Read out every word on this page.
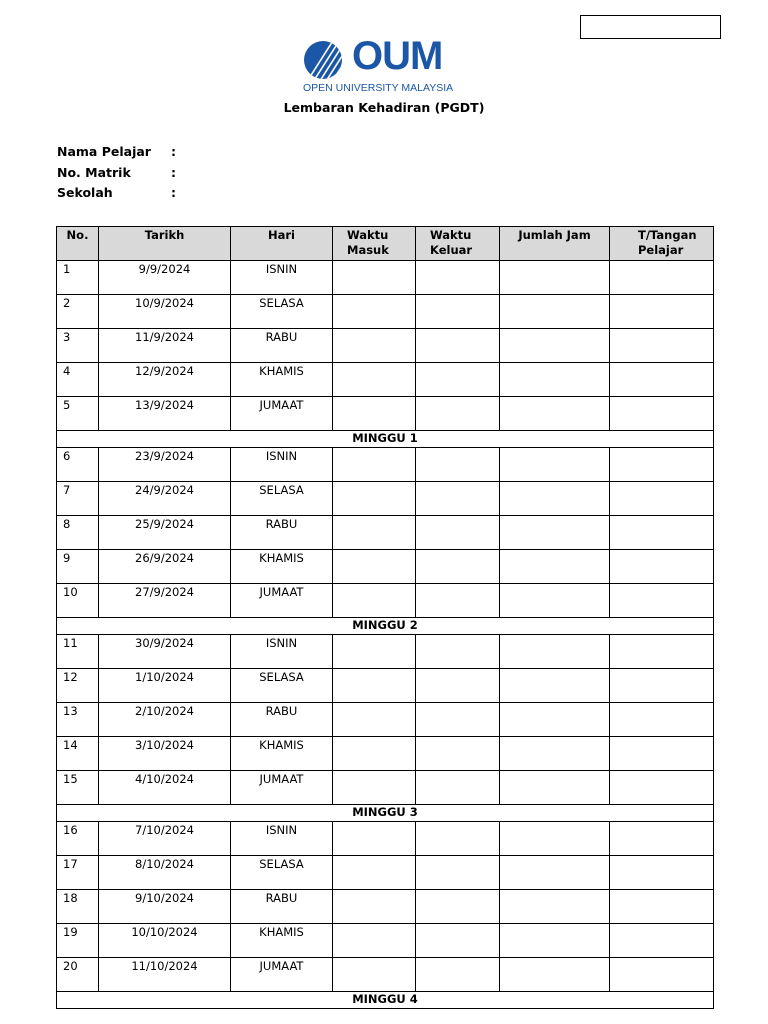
OUM
OPEN UNIVERSITY MALAYSIA
Lembaran Kehadiran (PGDT)
Nama Pelajar :
No. Matrik	:
Sekolah	:
No.	Tarikh	Hari	Waktu Masuk	Waktu Keluar	Jumlah Jam	T/Tangan Pelajar
1	9/9/2024	ISNIN				
2	10/9/2024	SELASA				
3	11/9/2024	RABU				
4	12/9/2024	KHAMIS				
5	13/9/2024	JUMAAT				
MINGGU 1						
6	23/9/2024	ISNIN				
7	24/9/2024	SELASA				
8	25/9/2024	RABU				
9	26/9/2024	KHAMIS				
10	27/9/2024	JUMAAT				
MINGGU 2						
11	30/9/2024	ISNIN				
12	1/10/2024	SELASA				
13	2/10/2024	RABU				
14	3/10/2024	KHAMIS				
15	4/10/2024	JUMAAT				
MINGGU 3						
16	7/10/2024	ISNIN				
17	8/10/2024	SELASA				
18	9/10/2024	RABU				
19	10/10/2024	KHAMIS				
20	11/10/2024	JUMAAT				
MINGGU 4						
